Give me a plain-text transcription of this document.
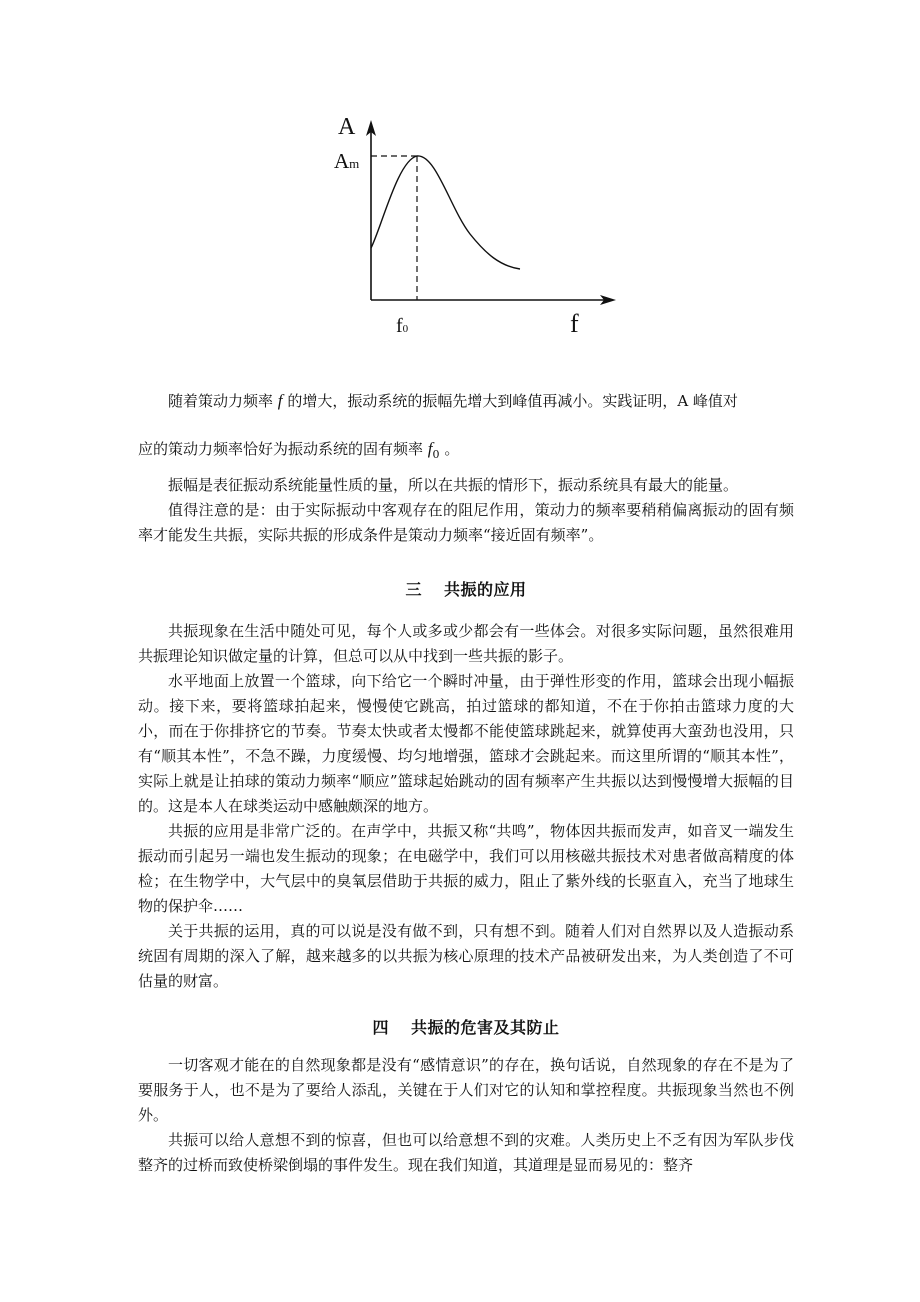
A
Am
f0	f

随着策动力频率 f 的增大，振动系统的振幅先增大到峰值再减小。实践证明，A 峰值对

应的策动力频率恰好为振动系统的固有频率 $f_0$ 。

振幅是表征振动系统能量性质的量，所以在共振的情形下，振动系统具有最大的能量。

值得注意的是：由于实际振动中客观存在的阻尼作用，策动力的频率要稍稍偏离振动的固有频率才能发生共振，实际共振的形成条件是策动力频率“接近固有频率”。

三 共振的应用

共振现象在生活中随处可见，每个人或多或少都会有一些体会。对很多实际问题，虽然很难用共振理论知识做定量的计算，但总可以从中找到一些共振的影子。

水平地面上放置一个篮球，向下给它一个瞬时冲量，由于弹性形变的作用，篮球会出现小幅振动。接下来，要将篮球拍起来，慢慢使它跳高，拍过篮球的都知道，不在于你拍击篮球力度的大小，而在于你排挤它的节奏。节奏太快或者太慢都不能使篮球跳起来，就算使再大蛮劲也没用，只有“顺其本性”，不急不躁，力度缓慢、均匀地增强，篮球才会跳起来。而这里所谓的“顺其本性”，实际上就是让拍球的策动力频率“顺应”篮球起始跳动的固有频率产生共振以达到慢慢增大振幅的目的。这是本人在球类运动中感触颇深的地方。

共振的应用是非常广泛的。在声学中，共振又称“共鸣”，物体因共振而发声，如音叉一端发生振动而引起另一端也发生振动的现象；在电磁学中，我们可以用核磁共振技术对患者做高精度的体检；在生物学中，大气层中的臭氧层借助于共振的威力，阻止了紫外线的长驱直入，充当了地球生物的保护伞……

关于共振的运用，真的可以说是没有做不到，只有想不到。随着人们对自然界以及人造振动系统固有周期的深入了解，越来越多的以共振为核心原理的技术产品被研发出来，为人类创造了不可估量的财富。

四 共振的危害及其防止

一切客观才能在的自然现象都是没有“感情意识”的存在，换句话说，自然现象的存在不是为了要服务于人，也不是为了要给人添乱，关键在于人们对它的认知和掌控程度。共振现象当然也不例外。

共振可以给人意想不到的惊喜，但也可以给意想不到的灾难。人类历史上不乏有因为军队步伐整齐的过桥而致使桥梁倒塌的事件发生。现在我们知道，其道理是显而易见的：整齐
